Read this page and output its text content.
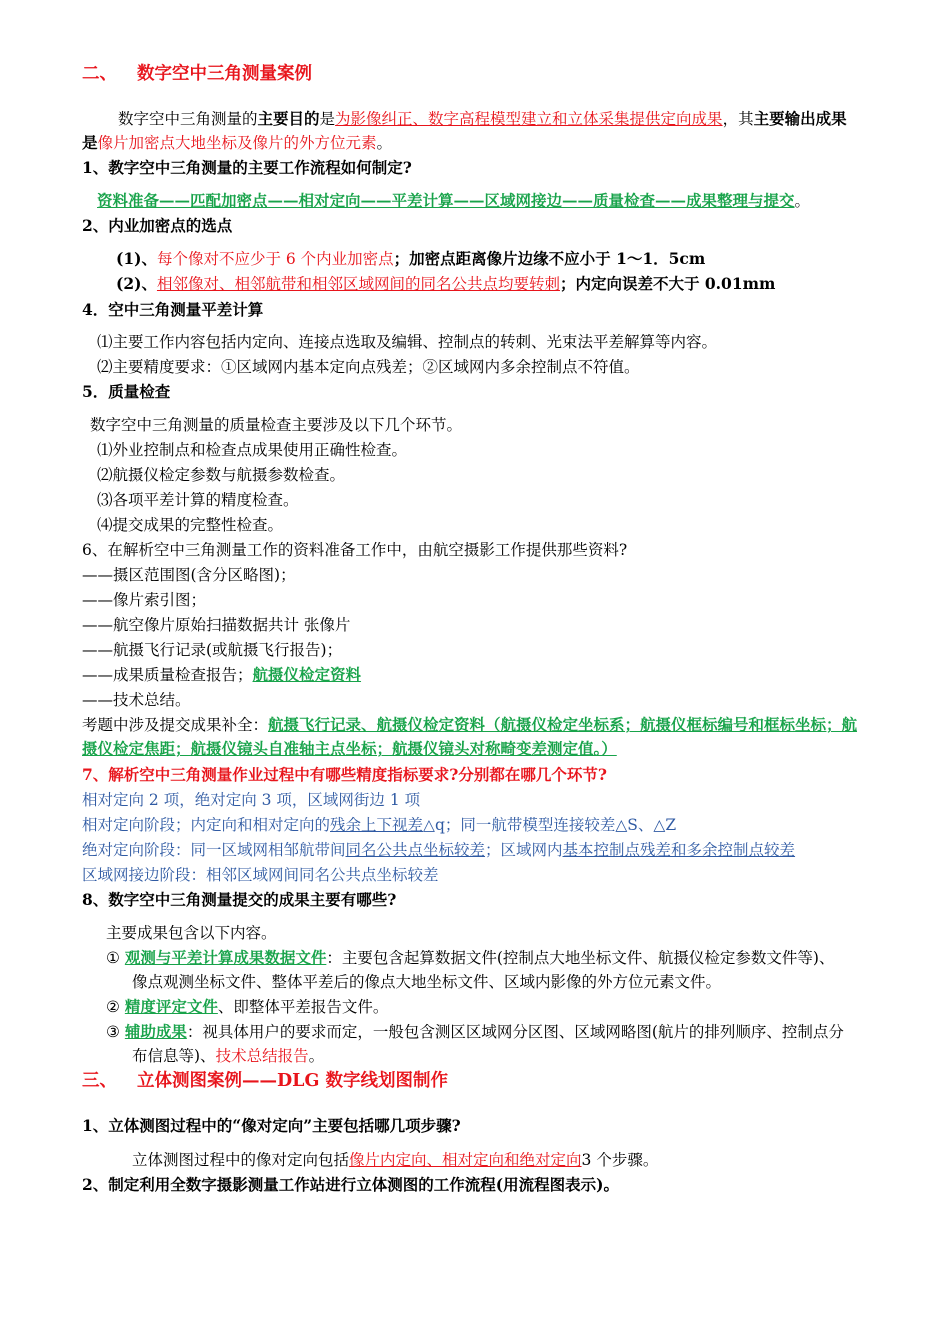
二、 数字空中三角测量案例
数字空中三角测量的主要目的是为影像纠正、数字高程模型建立和立体采集提供定向成果，其主要输出成果
是像片加密点大地坐标及像片的外方位元素。
1、教字空中三角测量的主要工作流程如何制定?
资料准备——匹配加密点——相对定向——平差计算——区域网接边——质量检查——成果整理与提交。
2、内业加密点的选点
(1)、每个像对不应少于 6 个内业加密点；加密点距离像片边缘不应小于 1～1．5cm
(2)、相邻像对、相邻航带和相邻区域网间的同名公共点均要转刺；内定向误差不大于 0.01mm
4．空中三角测量平差计算
⑴主要工作内容包括内定向、连接点选取及编辑、控制点的转刺、光束法平差解算等内容。
⑵主要精度要求：①区域网内基本定向点残差；②区域网内多余控制点不符值。
5．质量检查
数字空中三角测量的质量检查主要涉及以下几个环节。
⑴外业控制点和检查点成果使用正确性检查。
⑵航摄仪检定参数与航摄参数检查。
⑶各项平差计算的精度检查。
⑷提交成果的完整性检查。
6、在解析空中三角测量工作的资料准备工作中，由航空摄影工作提供那些资料?
——摄区范围图(含分区略图)；
——像片索引图；
——航空像片原始扫描数据共计 张像片
——航摄飞行记录(或航摄飞行报告)；
——成果质量检查报告；航摄仪检定资料
——技术总结。
考题中涉及提交成果补全：航摄飞行记录、航摄仪检定资料（航摄仪检定坐标系；航摄仪框标编号和框标坐标；航
摄仪检定焦距；航摄仪镜头自准轴主点坐标；航摄仪镜头对称畸变差测定值。）
7、解析空中三角测量作业过程中有哪些精度指标要求?分别都在哪几个环节?
相对定向 2 项，绝对定向 3 项，区域网街边 1 项
相对定向阶段；内定向和相对定向的残余上下视差△q；同一航带模型连接较差△S、△Z
绝对定向阶段：同一区域网相邹航带间同名公共点坐标较差；区域网内基本控制点残差和多余控制点较差
区域网接边阶段：相邻区域网间同名公共点坐标较差
8、数字空中三角测量提交的成果主要有哪些?
主要成果包含以下内容。
① 观测与平差计算成果数据文件：主要包含起算数据文件(控制点大地坐标文件、航摄仪检定参数文件等)、
像点观测坐标文件、整体平差后的像点大地坐标文件、区域内影像的外方位元素文件。
② 精度评定文件、即整体平差报告文件。
③ 辅助成果：视具体用户的要求而定，一般包含测区区域网分区图、区域网略图(航片的排列顺序、控制点分
布信息等)、技术总结报告。
三、 立体测图案例——DLG 数字线划图制作
1、立体测图过程中的“像对定向”主要包括哪几项步骤?
立体测图过程中的像对定向包括像片内定向、相对定向和绝对定向3 个步骤。
2、制定利用全数字摄影测量工作站进行立体测图的工作流程(用流程图表示)。
